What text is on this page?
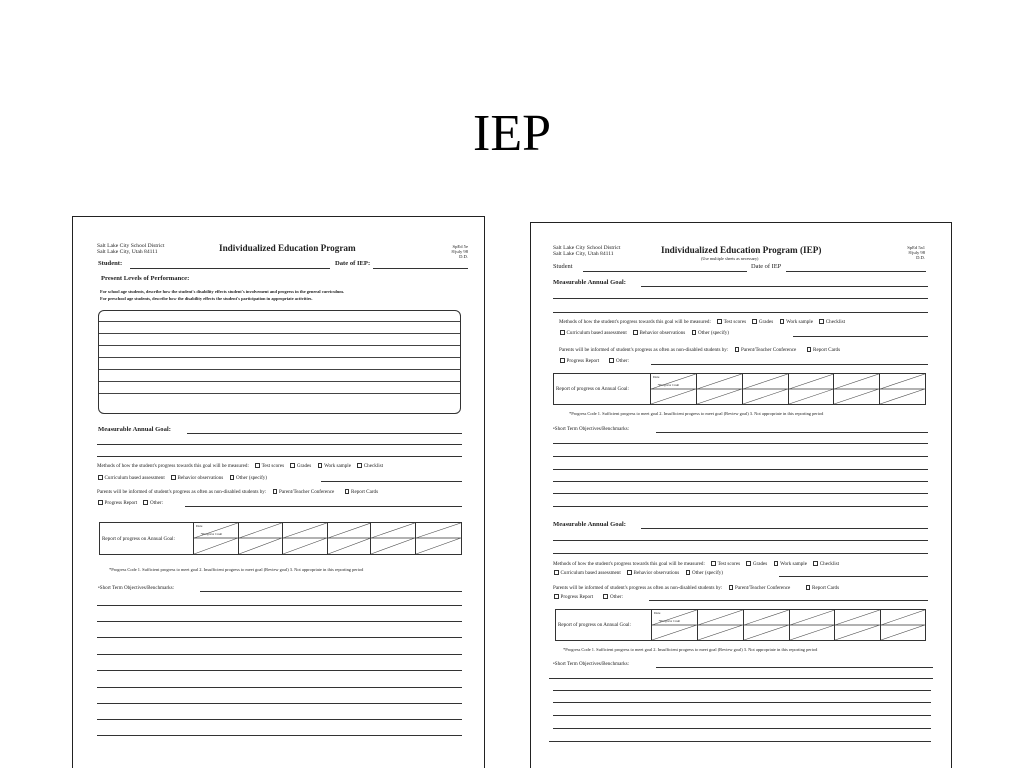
IEP
Salt Lake City School District
Salt Lake City, Utah 84111	Individualized Education Program	SpEd 5e
8/july 98
D.D.
Student:	Date of IEP:
Present Levels of Performance:
For school age students, describe how the student's disability effects student's involvement and progress in the general curriculum.
For preschool age students, describe how the disability effects the student's participation in appropriate activities.
Measurable Annual Goal:
Methods of how the student's progress towards this goal will be measured:	Test scores	Grades	Work sample	Checklist
Curriculum based assessment	Behavior observations	Other (specify)
Parents will be informed of student's progress as often as non-disabled students by:	Parent/Teacher Conference	Report Cards
Progress Report	Other:
Report of progress on Annual Goal:
Date
*Progress Code
*Progress Code 1. Sufficient progress to meet goal 2. Insufficient progress to meet goal (Review goal) 3. Not appropriate in this reporting period
•Short Term Objectives/Benchmarks:
Salt Lake City School District
Salt Lake City, Utah 84111	Individualized Education Program (IEP)
(Use multiple sheets as necessary)
SpEd 5a1
8/july 98
D.D.
Student	Date of IEP
Measurable Annual Goal:
Methods of how the student's progress towards this goal will be measured:	Test scores	Grades	Work sample	Checklist
Curriculum based assessment	Behavior observations	Other (specify)
Parents will be informed of student's progress as often as non-disabled students by:	Parent/Teacher Conference	Report Cards
Progress Report	Other:
Report of progress on Annual Goal:
Date
*Progress Code
*Progress Code 1. Sufficient progress to meet goal 2. Insufficient progress to meet goal (Review goal) 3. Not appropriate in this reporting period
•Short Term Objectives/Benchmarks:
Measurable Annual Goal:
Methods of how the student's progress towards this goal will be measured:	Test scores	Grades	Work sample	Checklist
Curriculum based assessment	Behavior observations	Other (specify)
Parents will be informed of student's progress as often as non-disabled students by:	Parent/Teacher Conference	Report Cards
Progress Report	Other:
Report of progress on Annual Goal:
Date
*Progress Code
*Progress Code 1. Sufficient progress to meet goal 2. Insufficient progress to meet goal (Review goal) 3. Not appropriate in this reporting period
•Short Term Objectives/Benchmarks:
